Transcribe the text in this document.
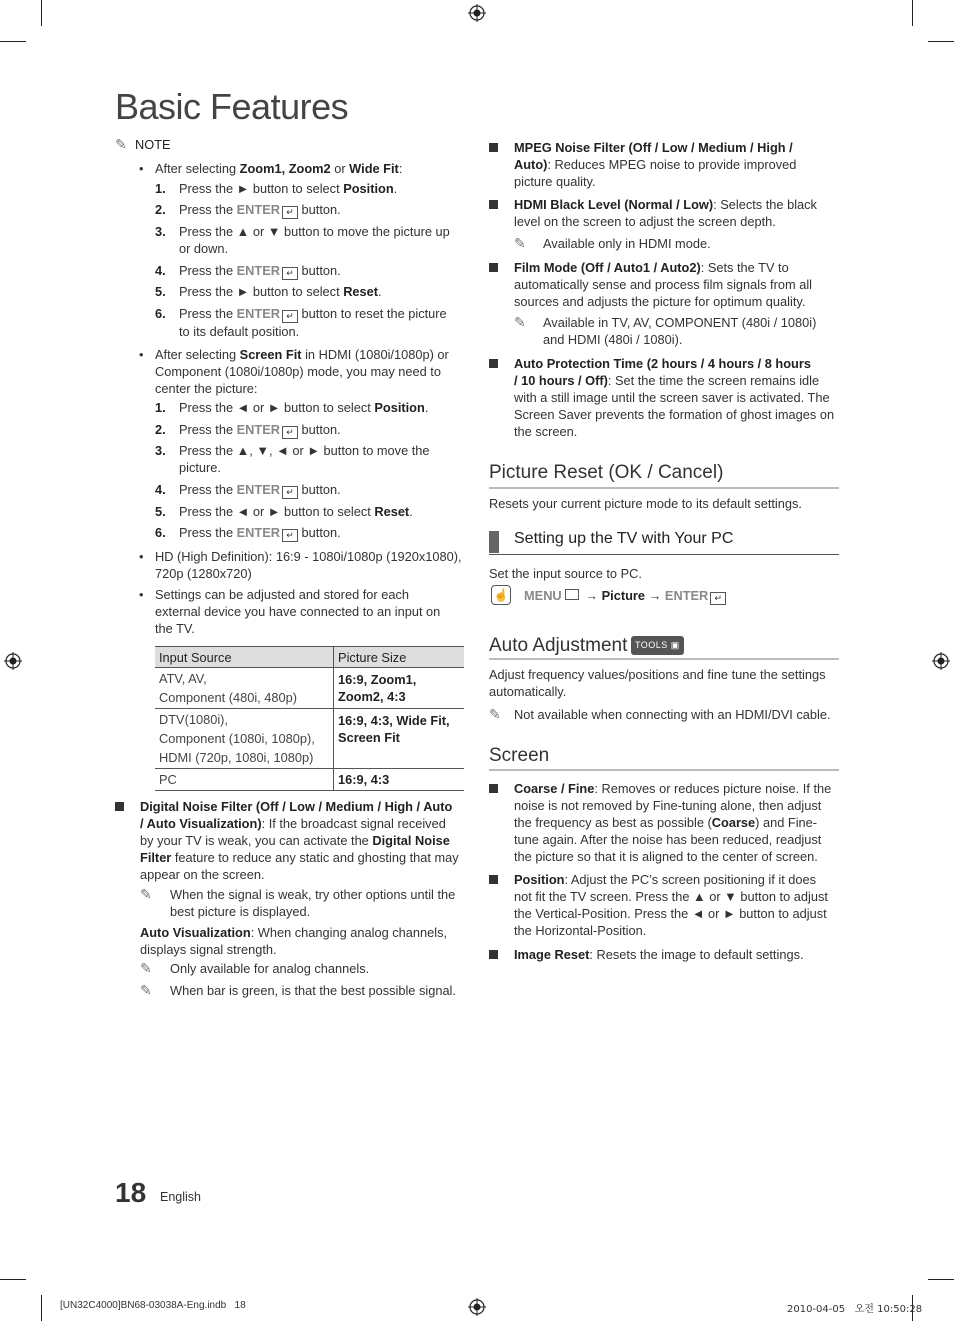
Basic Features
✎ NOTE
• After selecting Zoom1, Zoom2 or Wide Fit:
1. Press the ► button to select Position.
2. Press the ENTER ↵ button.
3. Press the ▲ or ▼ button to move the picture up
or down.
4. Press the ENTER ↵ button.
5. Press the ► button to select Reset.
6. Press the ENTER ↵ button to reset the picture
to its default position.
• After selecting Screen Fit in HDMI (1080i/1080p) or
Component (1080i/1080p) mode, you may need to
center the picture:
1. Press the ◄ or ► button to select Position.
2. Press the ENTER ↵ button.
3. Press the ▲, ▼, ◄ or ► button to move the
picture.
4. Press the ENTER ↵ button.
5. Press the ◄ or ► button to select Reset.
6. Press the ENTER ↵ button.
• HD (High Definition): 16:9 - 1080i/1080p (1920x1080),
720p (1280x720)
• Settings can be adjusted and stored for each
external device you have connected to an input on
the TV.
Input Source	Picture Size
ATV, AV,
Component (480i, 480p)	16:9, Zoom1,
Zoom2, 4:3
DTV(1080i),
Component (1080i, 1080p),
HDMI (720p, 1080i, 1080p)	16:9, 4:3, Wide Fit,
Screen Fit
PC	16:9, 4:3
Digital Noise Filter (Off / Low / Medium / High / Auto
/ Auto Visualization): If the broadcast signal received
by your TV is weak, you can activate the Digital Noise
Filter feature to reduce any static and ghosting that may
appear on the screen.
✎	When the signal is weak, try other options until the
best picture is displayed.
Auto Visualization: When changing analog channels,
displays signal strength.
✎	Only available for analog channels.
✎	When bar is green, is that the best possible signal.
MPEG Noise Filter (Off / Low / Medium / High /
Auto): Reduces MPEG noise to provide improved
picture quality.
HDMI Black Level (Normal / Low): Selects the black
level on the screen to adjust the screen depth.
✎	Available only in HDMI mode.
Film Mode (Off / Auto1 / Auto2): Sets the TV to
automatically sense and process film signals from all
sources and adjusts the picture for optimum quality.
✎	Available in TV, AV, COMPONENT (480i / 1080i)
and HDMI (480i / 1080i).
Auto Protection Time (2 hours / 4 hours / 8 hours
/ 10 hours / Off): Set the time the screen remains idle
with a still image until the screen saver is activated. The
Screen Saver prevents the formation of ghost images on
the screen.
Picture Reset (OK / Cancel)
Resets your current picture mode to its default settings.
Setting up the TV with Your PC
Set the input source to PC.
☝ MENU → Picture → ENTER ↵
Auto Adjustment TOOLS ▣
Adjust frequency values/positions and fine tune the settings
automatically.
✎	Not available when connecting with an HDMI/DVI cable.
Screen
Coarse / Fine: Removes or reduces picture noise. If the
noise is not removed by Fine-tuning alone, then adjust
the frequency as best as possible (Coarse) and Fine-
tune again. After the noise has been reduced, readjust
the picture so that it is aligned to the center of screen.
Position: Adjust the PC’s screen positioning if it does
not fit the TV screen. Press the ▲ or ▼ button to adjust
the Vertical-Position. Press the ◄ or ► button to adjust
the Horizontal-Position.
Image Reset: Resets the image to default settings.
18 English
[UN32C4000]BN68-03038A-Eng.indb   18	2010-04-05   오전 10:50:28
